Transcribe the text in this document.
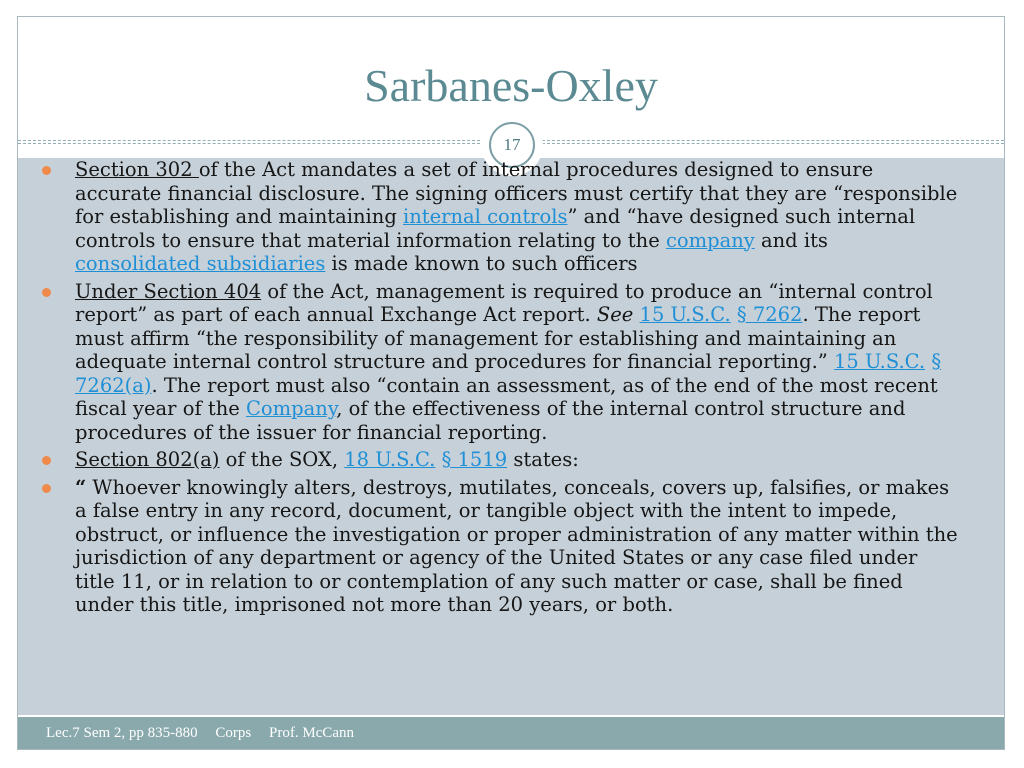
Sarbanes-Oxley
Lec.7 Sem 2, pp 835-880 Corps Prof. McCann
17
Section 302 of the Act mandates a set of internal procedures designed to ensure accurate financial disclosure. The signing officers must certify that they are “responsible for establishing and maintaining internal controls” and “have designed such internal controls to ensure that material information relating to the company and its consolidated subsidiaries is made known to such officers
Under Section 404 of the Act, management is required to produce an “internal control report” as part of each annual Exchange Act report. See 15 U.S.C. § 7262. The report must affirm “the responsibility of management for establishing and maintaining an adequate internal control structure and procedures for financial reporting.” 15 U.S.C. § 7262(a). The report must also “contain an assessment, as of the end of the most recent fiscal year of the Company, of the effectiveness of the internal control structure and procedures of the issuer for financial reporting.
Section 802(a) of the SOX, 18 U.S.C. § 1519 states:
“ Whoever knowingly alters, destroys, mutilates, conceals, covers up, falsifies, or makes a false entry in any record, document, or tangible object with the intent to impede, obstruct, or influence the investigation or proper administration of any matter within the jurisdiction of any department or agency of the United States or any case filed under title 11, or in relation to or contemplation of any such matter or case, shall be fined under this title, imprisoned not more than 20 years, or both.
